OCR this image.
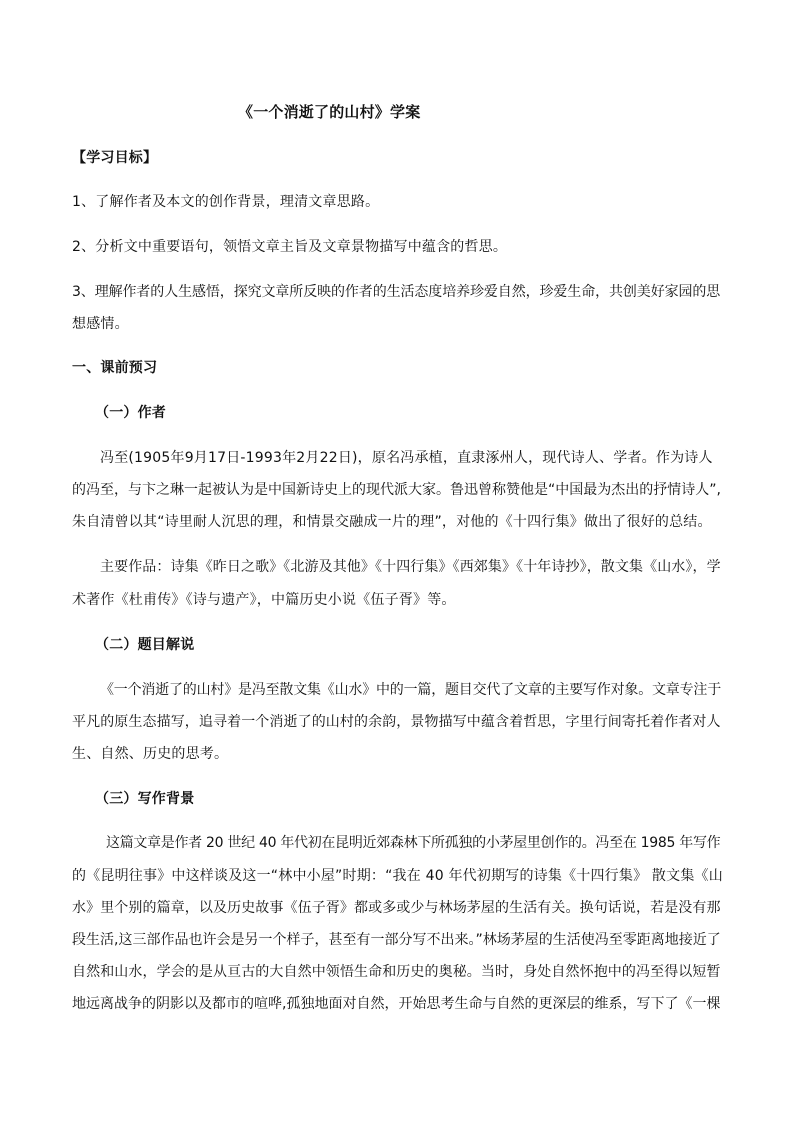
《一个消逝了的山村》学案

【学习目标】

1、了解作者及本文的创作背景，理清文章思路。

2、分析文中重要语句，领悟文章主旨及文章景物描写中蕴含的哲思。

3、理解作者的人生感悟，探究文章所反映的作者的生活态度培养珍爱自然，珍爱生命，共创美好家园的思

想感情。

一、课前预习

（一）作者

冯至(1905年9月17日-1993年2月22日)，原名冯承植，直隶涿州人，现代诗人、学者。作为诗人

的冯至，与卞之琳一起被认为是中国新诗史上的现代派大家。鲁迅曾称赞他是“中国最为杰出的抒情诗人”,

朱自清曾以其“诗里耐人沉思的理，和情景交融成一片的理”，对他的《十四行集》做出了很好的总结。

主要作品：诗集《昨日之歌》《北游及其他》《十四行集》《西郊集》《十年诗抄》，散文集《山水》，学

术著作《杜甫传》《诗与遗产》，中篇历史小说《伍子胥》等。

（二）题目解说

《一个消逝了的山村》是冯至散文集《山水》中的一篇，题目交代了文章的主要写作对象。文章专注于

平凡的原生态描写，追寻着一个消逝了的山村的余韵，景物描写中蕴含着哲思，字里行间寄托着作者对人

生、自然、历史的思考。

（三）写作背景

这篇文章是作者 20 世纪 40 年代初在昆明近郊森林下所孤独的小茅屋里创作的。冯至在 1985 年写作

的《昆明往事》中这样谈及这一“林中小屋”时期：“我在 40 年代初期写的诗集《十四行集》 散文集《山

水》里个别的篇章，以及历史故事《伍子胥》都或多或少与林场茅屋的生活有关。换句话说，若是没有那

段生活,这三部作品也许会是另一个样子，甚至有一部分写不出来。”林场茅屋的生活使冯至零距离地接近了

自然和山水，学会的是从亘古的大自然中领悟生命和历史的奥秘。当时，身处自然怀抱中的冯至得以短暂

地远离战争的阴影以及都市的喧哗,孤独地面对自然，开始思考生命与自然的更深层的维系，写下了《一棵
